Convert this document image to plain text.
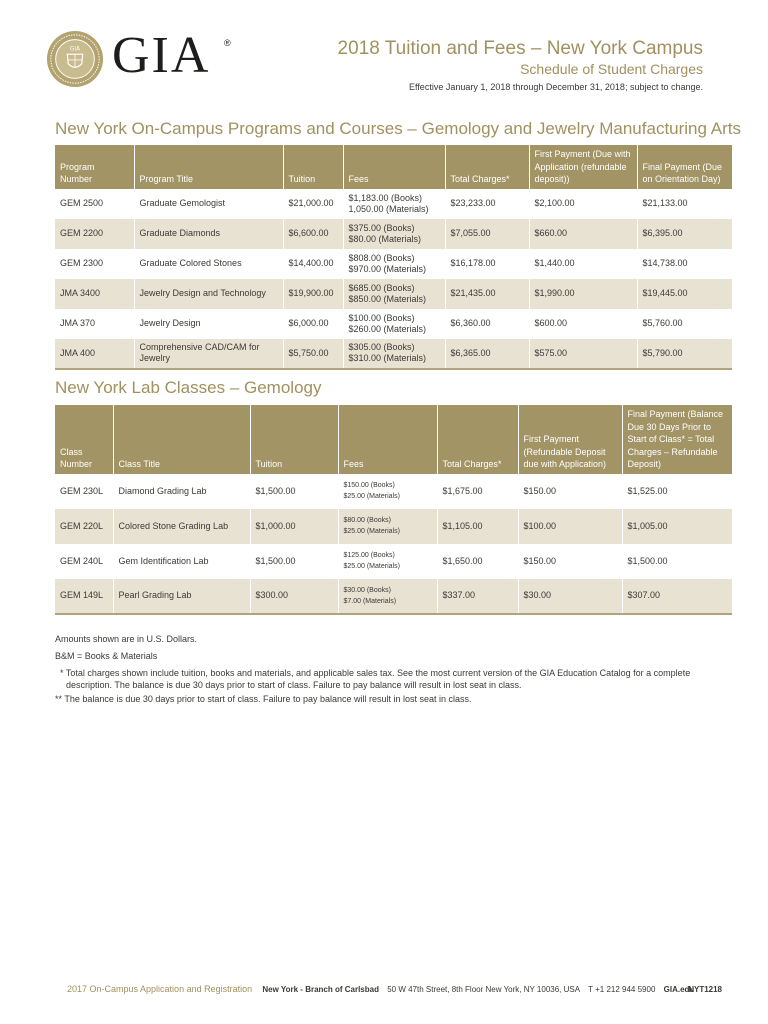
GIA GIA ®	2018 Tuition and Fees – New York Campus
Schedule of Student Charges
Effective January 1, 2018 through December 31, 2018; subject to change.
New York On-Campus Programs and Courses – Gemology and Jewelry Manufacturing Arts
Program Number	Program Title	Tuition	Fees	Total Charges*	First Payment (Due with Application (refundable deposit))	Final Payment (Due on Orientation Day)
GEM 2500	Graduate Gemologist	$21,000.00	$1,183.00 (Books)
1,050.00 (Materials)	$23,233.00	$2,100.00	$21,133.00
GEM 2200	Graduate Diamonds	$6,600.00	$375.00 (Books)
$80.00 (Materials)	$7,055.00	$660.00	$6,395.00
GEM 2300	Graduate Colored Stones	$14,400.00	$808.00 (Books)
$970.00 (Materials)	$16,178.00	$1,440.00	$14,738.00
JMA 3400	Jewelry Design and Technology	$19,900.00	$685.00 (Books)
$850.00 (Materials)	$21,435.00	$1,990.00	$19,445.00
JMA 370	Jewelry Design	$6,000.00	$100.00 (Books)
$260.00 (Materials)	$6,360.00	$600.00	$5,760.00
JMA 400	Comprehensive CAD/CAM for Jewelry	$5,750.00	$305.00 (Books)
$310.00 (Materials)	$6,365.00	$575.00	$5,790.00
New York Lab Classes – Gemology
Class Number	Class Title	Tuition	Fees	Total Charges*	First Payment (Refundable Deposit due with Application)	Final Payment (Balance Due 30 Days Prior to Start of Class* = Total Charges – Refundable Deposit)
GEM 230L	Diamond Grading Lab	$1,500.00	$150.00 (Books)
$25.00 (Materials)	$1,675.00	$150.00	$1,525.00
GEM 220L	Colored Stone Grading Lab	$1,000.00	$80.00 (Books)
$25.00 (Materials)	$1,105.00	$100.00	$1,005.00
GEM 240L	Gem Identification Lab	$1,500.00	$125.00 (Books)
$25.00 (Materials)	$1,650.00	$150.00	$1,500.00
GEM 149L	Pearl Grading Lab	$300.00	$30.00 (Books)
$7.00 (Materials)	$337.00	$30.00	$307.00

Amounts shown are in U.S. Dollars.

B&M = Books & Materials

* Total charges shown include tuition, books and materials, and applicable sales tax. See the most current version of the GIA Education Catalog for a complete description. The balance is due 30 days prior to start of class. Failure to pay balance will result in lost seat in class.

** The balance is due 30 days prior to start of class. Failure to pay balance will result in lost seat in class.

2017 On-Campus Application and Registration New York - Branch of Carlsbad 50 W 47th Street, 8th Floor New York, NY 10036, USA T +1 212 944 5900 GIA.edu
NYT1218
